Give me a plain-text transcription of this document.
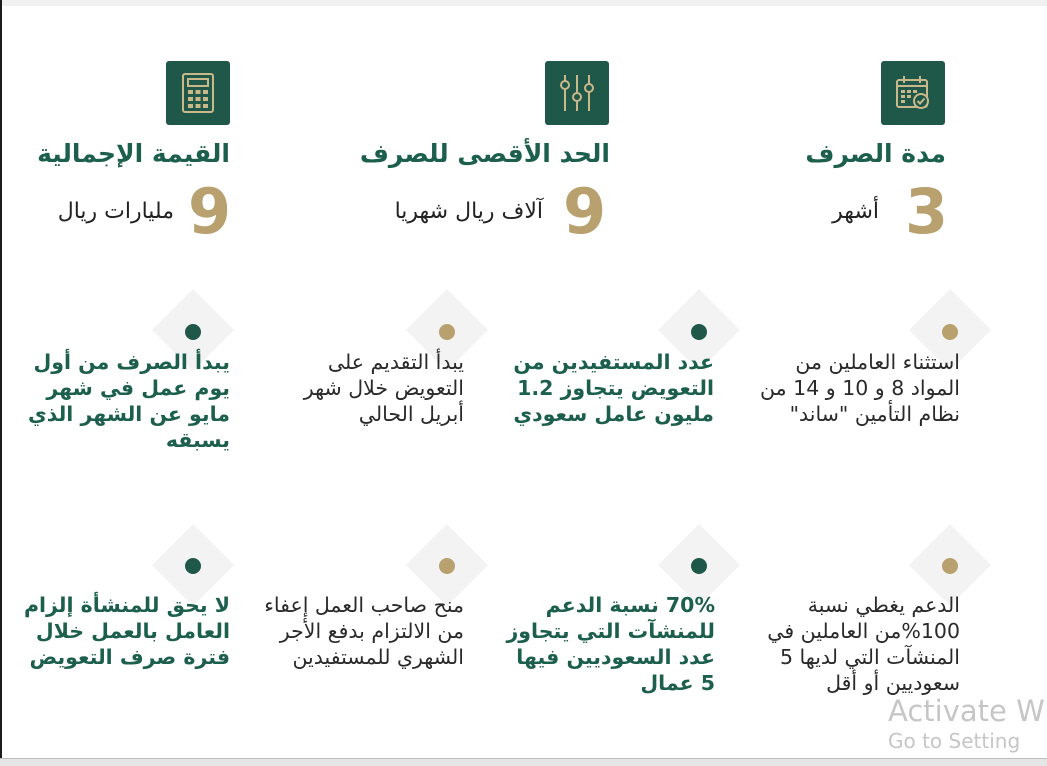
مدة الصرف
3
أشهر
الحد الأقصى للصرف
9
آلاف ريال شهريا
القيمة الإجمالية
9
مليارات ريال
استثناء العاملين من المواد 8 و 10 و 14 من نظام التأمين "ساند"
عدد المستفيدين من التعويض يتجاوز 1.2 مليون عامل سعودي
يبدأ التقديم على التعويض خلال شهر أبريل الحالي
يبدأ الصرف من أول يوم عمل في شهر مايو عن الشهر الذي يسبقه
الدعم يغطي نسبة 100%من العاملين في المنشآت التي لديها 5 سعوديين أو أقل
70% نسبة الدعم للمنشآت التي يتجاوز عدد السعوديين فيها 5 عمال
منح صاحب العمل إعفاء من الالتزام بدفع الأجر الشهري للمستفيدين
لا يحق للمنشأة إلزام العامل بالعمل خلال فترة صرف التعويض
Activate W
Go to Setting
